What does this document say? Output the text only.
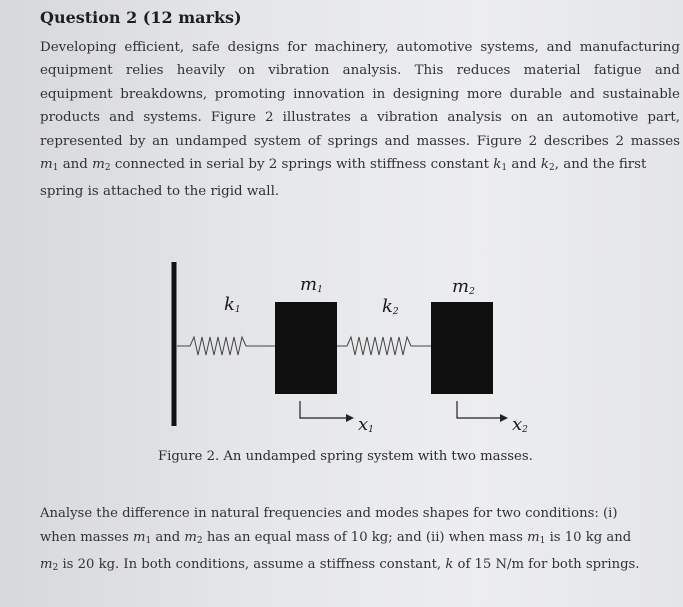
Question 2 (12 marks)
Developing efficient, safe designs for machinery, automotive systems, and manufacturing
equipment relies heavily on vibration analysis. This reduces material fatigue and
equipment breakdowns, promoting innovation in designing more durable and sustainable
products and systems. Figure 2 illustrates a vibration analysis on an automotive part,
represented by an undamped system of springs and masses. Figure 2 describes 2 masses
$m_1$ and $m_2$ connected in serial by 2 springs with stiffness constant $k_1$ and $k_2$, and the first
spring is attached to the rigid wall.
$k_1$	$k_2$
$m_1$	$m_2$
$x_1$	$x_2$
Figure 2. An undamped spring system with two masses.
Analyse the difference in natural frequencies and modes shapes for two conditions: (i)
when masses $m_1$ and $m_2$ has an equal mass of 10 kg; and (ii) when mass $m_1$ is 10 kg and
$m_2$ is 20 kg. In both conditions, assume a stiffness constant, k of 15 N/m for both springs.
